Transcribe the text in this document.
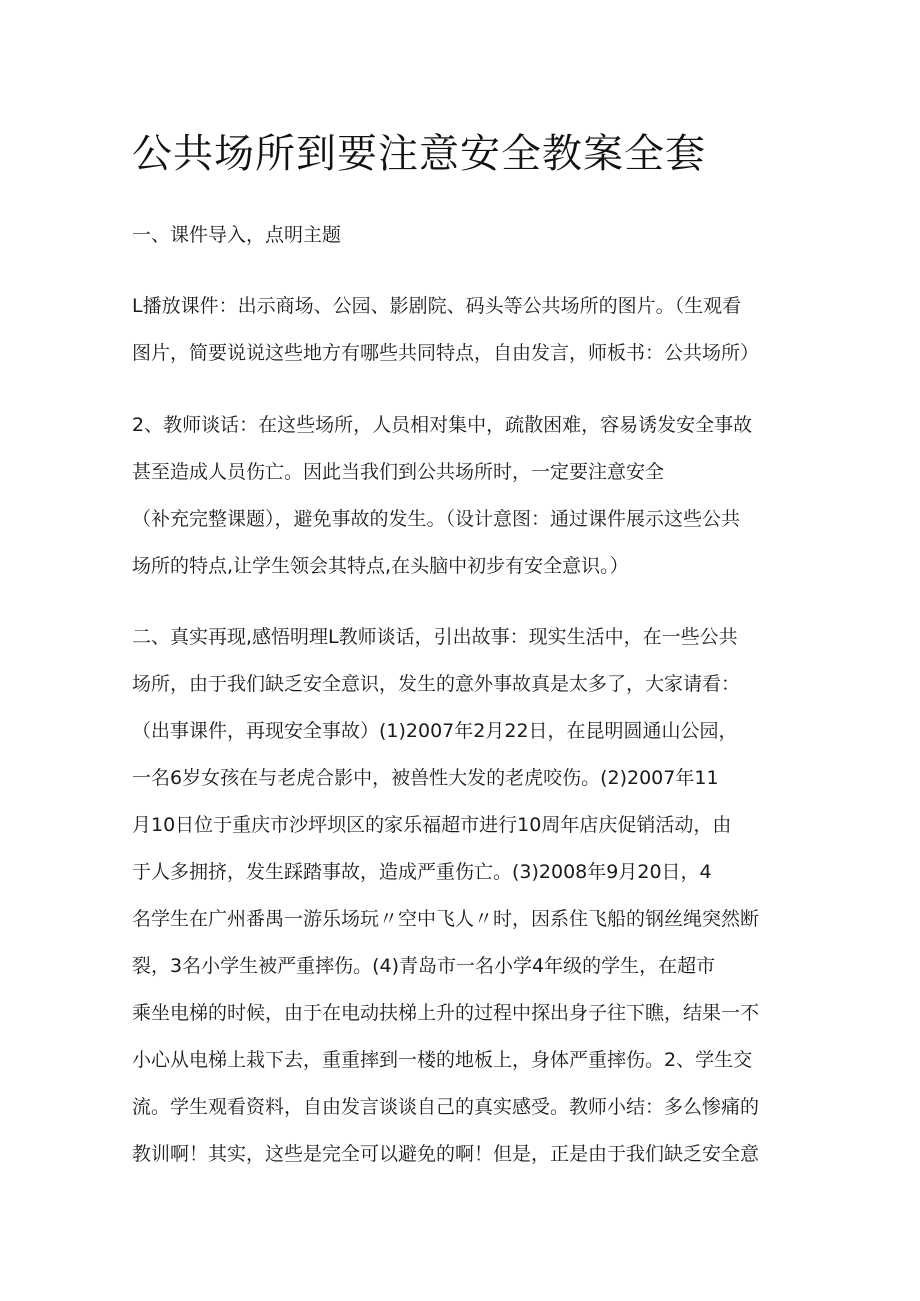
公共场所到要注意安全教案全套

一、课件导入，点明主题

L播放课件：出示商场、公园、影剧院、码头等公共场所的图片。（生观看
图片，简要说说这些地方有哪些共同特点，自由发言，师板书：公共场所）

2、教师谈话：在这些场所，人员相对集中，疏散困难，容易诱发安全事故
甚至造成人员伤亡。因此当我们到公共场所时，一定要注意安全
（补充完整课题），避免事故的发生。（设计意图：通过课件展示这些公共
场所的特点,让学生领会其特点,在头脑中初步有安全意识。）

二、真实再现,感悟明理L教师谈话，引出故事：现实生活中，在一些公共
场所，由于我们缺乏安全意识，发生的意外事故真是太多了，大家请看：
（出事课件，再现安全事故）(1)2007年2月22日，在昆明圆通山公园，
一名6岁女孩在与老虎合影中，被兽性大发的老虎咬伤。(2)2007年11
月10日位于重庆市沙坪坝区的家乐福超市进行10周年店庆促销活动，由
于人多拥挤，发生踩踏事故，造成严重伤亡。(3)2008年9月20日，4
名学生在广州番禺一游乐场玩〃空中飞人〃时，因系住飞船的钢丝绳突然断
裂，3名小学生被严重摔伤。(4)青岛市一名小学4年级的学生，在超市
乘坐电梯的时候，由于在电动扶梯上升的过程中探出身子往下瞧，结果一不
小心从电梯上栽下去，重重摔到一楼的地板上，身体严重摔伤。2、学生交
流。学生观看资料，自由发言谈谈自己的真实感受。教师小结：多么惨痛的
教训啊！其实，这些是完全可以避免的啊！但是，正是由于我们缺乏安全意
